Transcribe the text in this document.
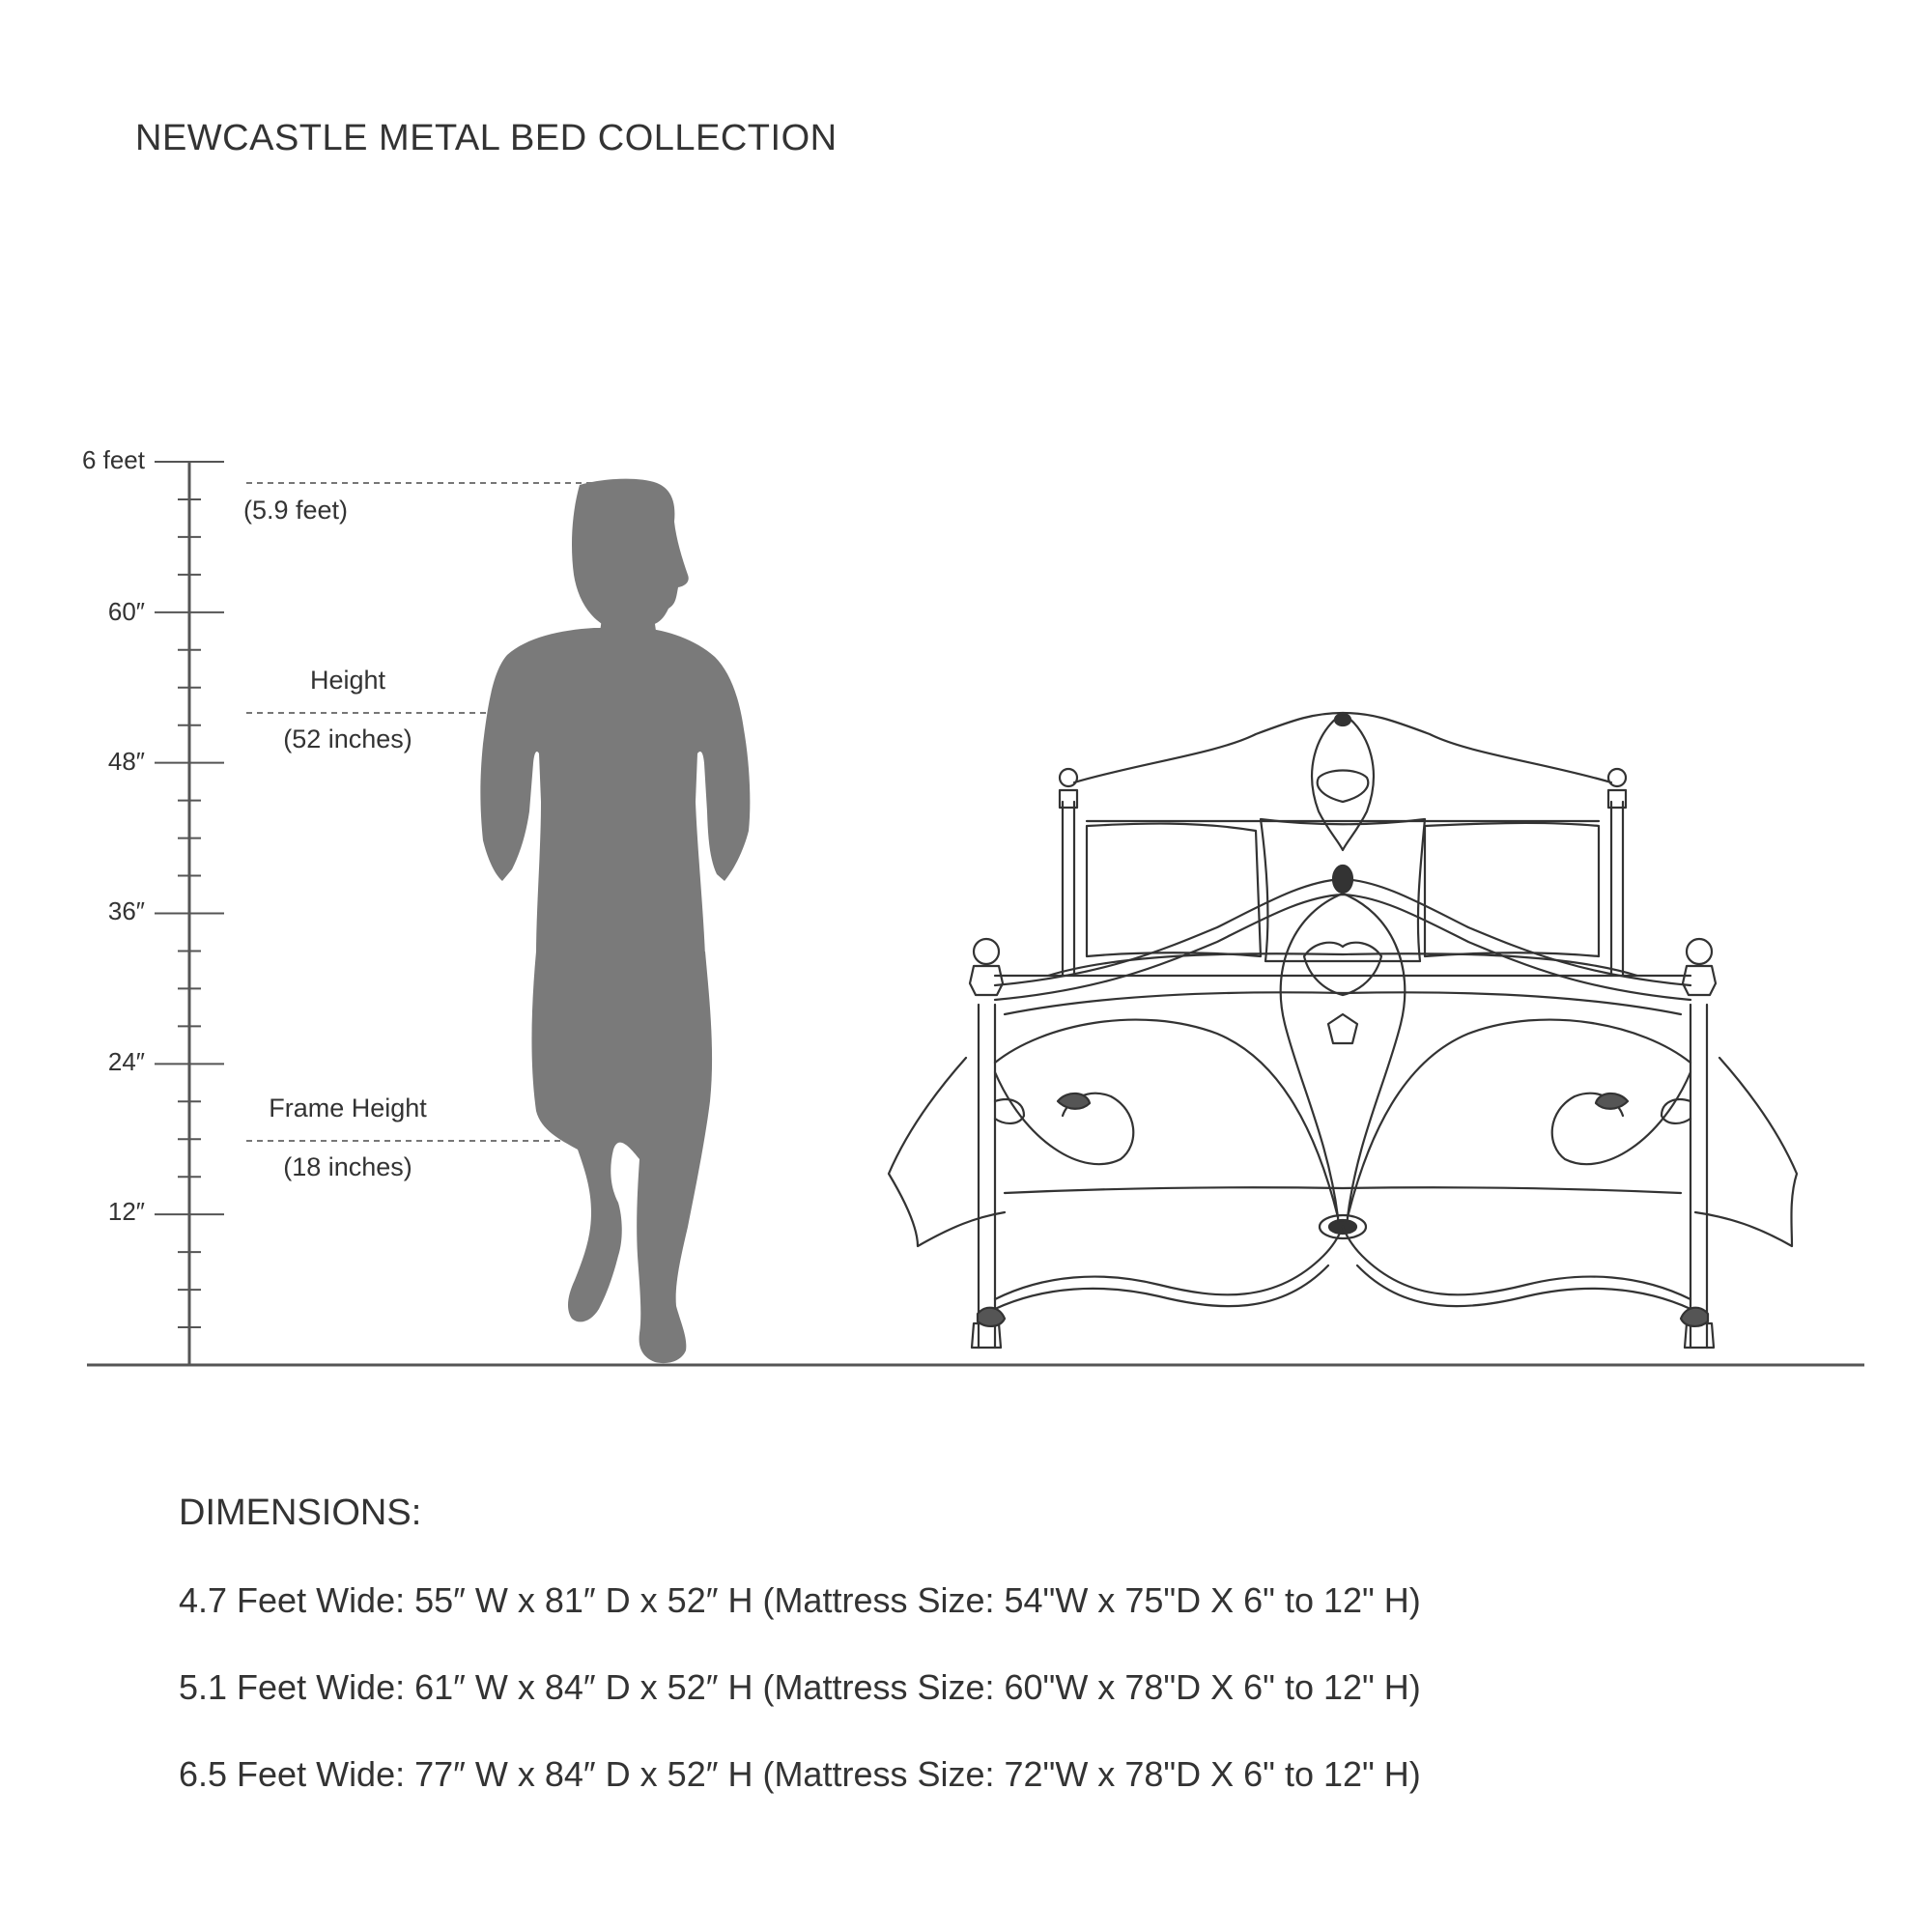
NEWCASTLE METAL BED COLLECTION
6 feet
60″
48″
36″
24″
12″
(5.9 feet)
Height
(52 inches)
Frame Height
(18 inches)
DIMENSIONS:
4.7 Feet Wide: 55″ W x 81″ D x 52″ H (Mattress Size: 54"W x 75"D X 6" to 12" H)
5.1 Feet Wide: 61″ W x 84″ D x 52″ H (Mattress Size: 60"W x 78"D X 6" to 12" H)
6.5 Feet Wide: 77″ W x 84″ D x 52″ H (Mattress Size: 72"W x 78"D X 6" to 12" H)
